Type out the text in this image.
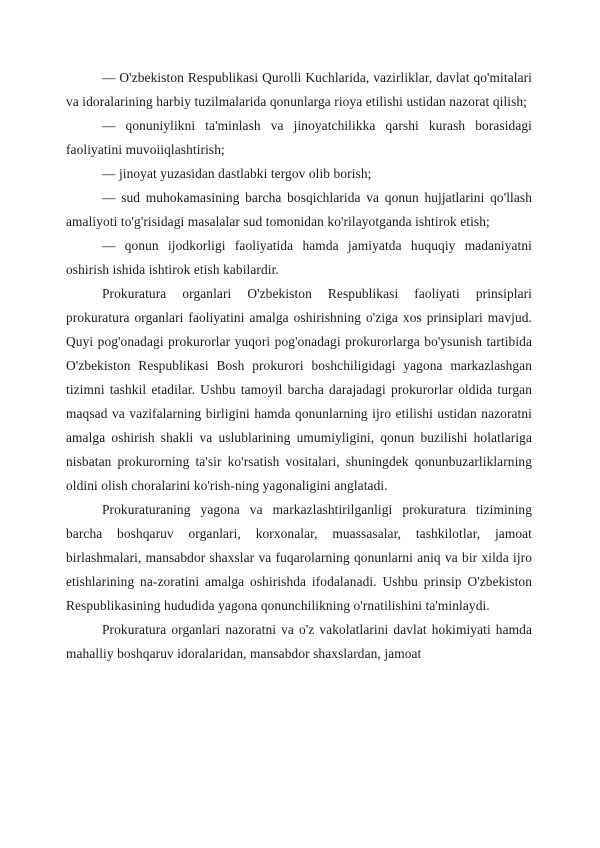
— O'zbekiston Respublikasi Qurolli Kuchlarida, vazirliklar, davlat qo'mitalari va idoralarining harbiy tuzilmalarida qonunlarga rioya etilishi ustidan nazorat qilish;

— qonuniylikni ta'minlash va jinoyatchilikka qarshi kurash borasidagi faoliyatini muvoiiqlashtirish;

— jinoyat yuzasidan dastlabki tergov olib borish;

— sud muhokamasining barcha bosqichlarida va qonun hujjatlarini qo'llash amaliyoti to'g'risidagi masalalar sud tomonidan ko'rilayotganda ishtirok etish;

— qonun ijodkorligi faoliyatida hamda jamiyatda huquqiy madaniyatni oshirish ishida ishtirok etish kabilardir.

Prokuratura organlari O'zbekiston Respublikasi faoliyati prinsiplari prokuratura organlari faoliyatini amalga oshirishning o'ziga xos prinsiplari mavjud. Quyi pog'onadagi prokurorlar yuqori pog'onadagi prokurorlarga bo'ysunish tartibida O'zbekiston Respublikasi Bosh prokurori boshchiligidagi yagona markazlashgan tizimni tashkil etadilar. Ushbu tamoyil barcha darajadagi prokurorlar oldida turgan maqsad va vazifalarning birligini hamda qonunlarning ijro etilishi ustidan nazoratni amalga oshirish shakli va uslublarining umumiyligini, qonun buzilishi holatlariga nisbatan prokurorning ta'sir ko'rsatish vositalari, shuningdek qonunbuzarliklarning oldini olish choralarini ko'rish-ning yagonaligini anglatadi.

Prokuraturaning yagona va markazlashtirilganligi prokuratura tizimining barcha boshqaruv organlari, korxonalar, muassasalar, tashkilotlar, jamoat birlashmalari, mansabdor shaxslar va fuqarolarning qonunlarni aniq va bir xilda ijro etishlarining na-zoratini amalga oshirishda ifodalanadi. Ushbu prinsip O'zbekiston Respublikasining hududida yagona qonunchilikning o'rnatilishini ta'minlaydi.

Prokuratura organlari nazoratni va o'z vakolatlarini davlat hokimiyati hamda mahalliy boshqaruv idoralaridan, mansabdor shaxslardan, jamoat
